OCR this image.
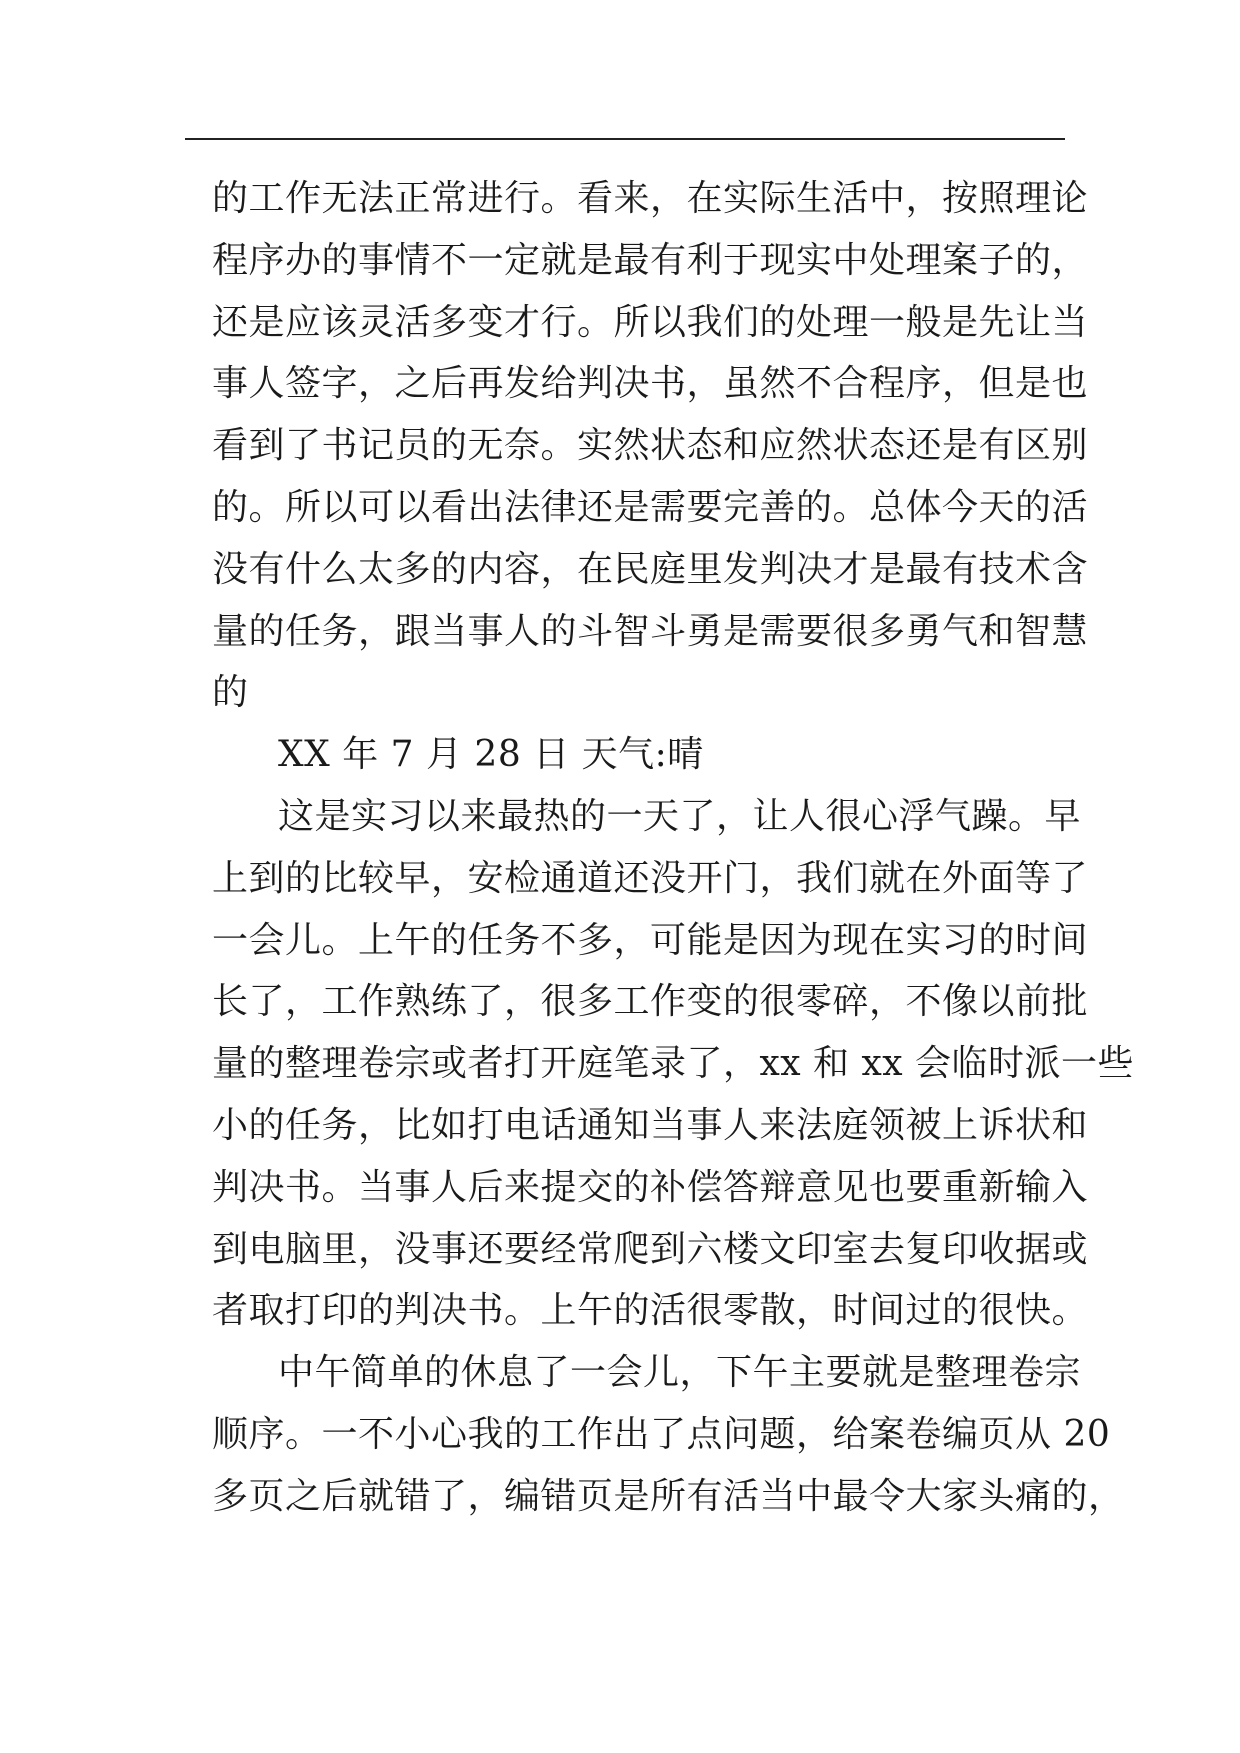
的工作无法正常进行。看来，在实际生活中，按照理论
程序办的事情不一定就是最有利于现实中处理案子的，
还是应该灵活多变才行。所以我们的处理一般是先让当
事人签字，之后再发给判决书，虽然不合程序，但是也
看到了书记员的无奈。实然状态和应然状态还是有区别
的。所以可以看出法律还是需要完善的。总体今天的活
没有什么太多的内容，在民庭里发判决才是最有技术含
量的任务，跟当事人的斗智斗勇是需要很多勇气和智慧
的
XX 年 7 月 28 日 天气:晴
这是实习以来最热的一天了，让人很心浮气躁。早
上到的比较早，安检通道还没开门，我们就在外面等了
一会儿。上午的任务不多，可能是因为现在实习的时间
长了，工作熟练了，很多工作变的很零碎，不像以前批
量的整理卷宗或者打开庭笔录了，xx 和 xx 会临时派一些
小的任务，比如打电话通知当事人来法庭领被上诉状和
判决书。当事人后来提交的补偿答辩意见也要重新输入
到电脑里，没事还要经常爬到六楼文印室去复印收据或
者取打印的判决书。上午的活很零散，时间过的很快。
中午简单的休息了一会儿，下午主要就是整理卷宗
顺序。一不小心我的工作出了点问题，给案卷编页从 20
多页之后就错了，编错页是所有活当中最令大家头痛的，
